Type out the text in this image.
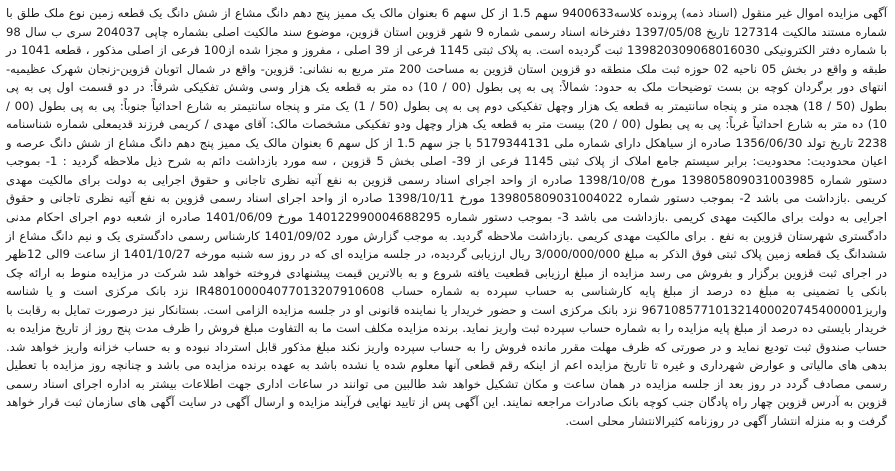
آگهی مزایده اموال غیر منقول (اسناد ذمه) پرونده کلاسه9400633 سهم 1.5 از کل سهم 6 بعنوان مالک یک ممیز پنج دهم دانگ مشاع از شش دانگ یک قطعه زمین نوع ملک طلق با شماره مستند مالکیت 127314 تاریخ 1397/05/08 دفترخانه اسناد رسمی شماره 9 شهر قزوین استان قزوین، موضوع سند مالکیت اصلی بشماره چاپی 204037 سری ب سال 98 با شماره دفتر الکترونیکی 139820309068016030 ثبت گردیده است. به پلاک ثبتی 1145 فرعی از 39 اصلی ، مفروز و مجزا شده از100 فرعی از اصلی مذکور ، قطعه 1041 در طبقه و واقع در بخش 05 ناحیه 02 حوزه ثبت ملک منطقه دو قزوین استان قزوین به مساحت 200 متر مربع به نشانی: قزوین- واقع در شمال اتوبان قزوین-زنجان شهرک عظیمیه- انتهای دور برگردان کوچه بن بست توضیحات ملک به حدود: شمالاً: پی به پی بطول (00 / 10) ده متر به قطعه یک هزار وسی وشش تفکیکی شرقاً: در دو قسمت اول پی به پی بطول (50 / 18) هجده متر و پنجاه سانتیمتر به قطعه یک هزار وچهل تفکیکی دوم پی به پی بطول (50 / 1) یک متر و پنجاه سانتیمتر به شارع احداثیاً جنوباً: پی به پی بطول (00 / 10) ده متر به شارع احداثیاً غرباً: پی به پی بطول (00 / 20) بیست متر به قطعه یک هزار وچهل ودو تفکیکی مشخصات مالک: آقای مهدی / کریمی فرزند قدیمعلی شماره شناسنامه 2238 تاریخ تولد 1356/06/30 صادره از سیاهکل دارای شماره ملی 5179344131 با جز سهم 1.5 از کل سهم 6 بعنوان مالک یک ممیز پنج دهم دانگ مشاع از شش دانگ عرصه و اعیان محدودیت: محدودیت: برابر سیستم جامع املاک از پلاک ثبتی 1145 فرعی از 39- اصلی بخش 5 قزوین ، سه مورد بازداشت دائم به شرح ذیل ملاحظه گردید : 1- بموجب دستور شماره 139805809031003985 مورخ 1398/10/08 صادره از واحد اجرای اسناد رسمی قزوین به نفع آتیه نظری تاجانی و حقوق اجرایی به دولت برای مالکیت مهدی کریمی .بازداشت می باشد 2- بموجب دستور شماره 139805809031004022 مورخ 1398/10/11 صادره از واحد اجرای اسناد رسمی قزوین به نفع آتیه نظری تاجانی و حقوق اجرایی به دولت برای مالکیت مهدی کریمی .بازداشت می باشد 3- بموجب دستور شماره 140122990004688295 مورخ 1401/06/09 صادره از شعبه دوم اجرای احکام مدنی دادگستری شهرستان قزوین به نفع . برای مالکیت مهدی کریمی .بازداشت ملاحظه گردید. به موجب گزارش مورد 1401/09/02 کارشناس رسمی دادگستری یک و نیم دانگ مشاع از ششدانگ یک قطعه زمین پلاک ثبتی فوق الذکر به مبلغ 3/000/000/000 ریال ارزیابی گردیده، در جلسه مزایده ای که در روز سه شنبه مورخه 1401/10/27 از ساعت 9الی 12ظهر در اجرای ثبت قزوین برگزار و بفروش می رسد مزایده از مبلغ ارزیابی قطعیت یافته شروع و به بالاترین قیمت پیشنهادی فروخته خواهد شد شرکت در مزایده منوط به ارائه چک بانکی یا تضمینی به مبلغ ده درصد از مبلغ پایه کارشناسی به حساب سپرده به شماره حساب IR480100004077013207910608 نزد بانک مرکزی است و یا شناسه واریز967108577101321400020745400001 نزد بانک مرکزی است و حضور خریدار یا نماینده قانونی او در جلسه مزایده الزامی است. بستانکار نیز درصورت تمایل به رقابت با خریدار بایستی ده درصد از مبلغ پایه مزایده را به شماره حساب سپرده ثبت واریز نماید. برنده مزایده مکلف است ما به التفاوت مبلغ فروش را ظرف مدت پنج روز از تاریخ مزایده به حساب صندوق ثبت تودیع نماید و در صورتی که ظرف مهلت مقرر مانده فروش را به حساب سپرده واریز نکند مبلغ مذکور قابل استرداد نبوده و به حساب خزانه واریز خواهد شد. بدهی های مالیاتی و عوارض شهرداری و غیره تا تاریخ مزایده اعم از اینکه رقم قطعی آنها معلوم شده یا نشده باشد به عهده برنده مزایده می باشد و چنانچه روز مزایده با تعطیل رسمی مصادف گردد در روز بعد از جلسه مزایده در همان ساعت و مکان تشکیل خواهد شد طالبین می توانند در ساعات اداری جهت اطلاعات بیشتر به اداره اجرای اسناد رسمی قزوین به آدرس قزوین چهار راه پادگان جنب کوچه بانک صادرات مراجعه نمایند. این آگهی پس از تایید نهایی فرآیند مزایده و ارسال آگهی در سایت آگهی های سازمان ثبت قرار خواهد گرفت و به منزله انتشار آگهی در روزنامه کثیرالانتشار محلی است.
